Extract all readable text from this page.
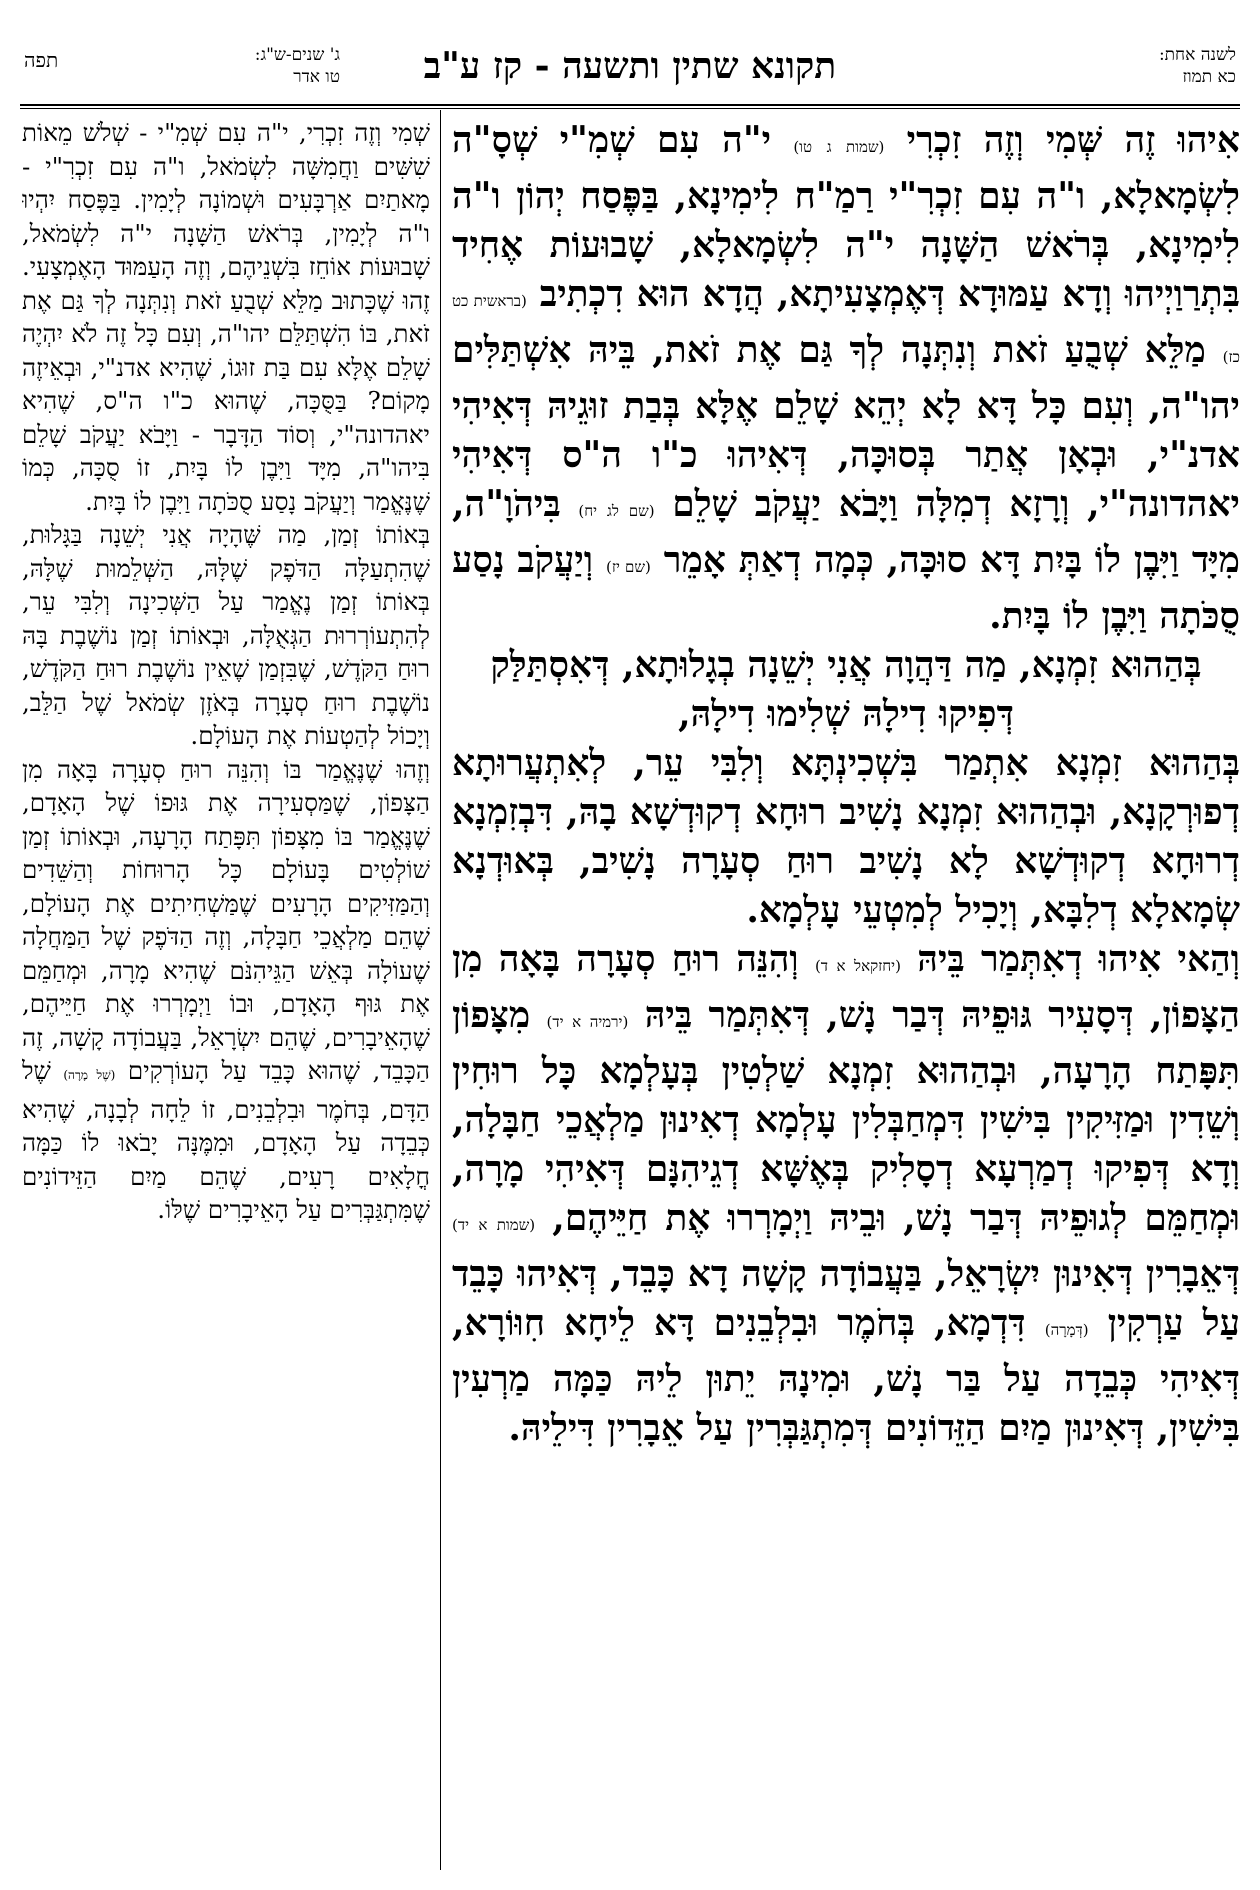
לשנה אחת:
כא תמוז
תקונא שתין ותשעה - קז ע"ב
ג' שנים-ש"ג:
טו אדר
תפה

אִיהוּ זֶה שְּׁמִי וְזֶה זִכְרִי (שמות ג טו) י"ה עִם שְׁמִ"י שְׁסָ"ה לִשְׂמָאלָא, ו"ה עִם זִכְרִ"י רַמַ"ח לִימִינָא, בַּפֶּסַח יְהוֹן ו"ה לִימִינָא, בְּרֹאשׁ הַשָּׁנָה י"ה לִשְׂמָאלָא, שָׁבוּעוֹת אֶחִיד בִּתְרַוַיְיהוּ וְדָא עַמּוּדָא דְּאֶמְצָעִיתָא, הֲדָא הוּא דִכְתִיב (בראשית כט כז) מַלֵּא שְׁבֻעַ זֹאת וְנִתְּנָה לְךָ גַּם אֶת זֹאת, בֵּיהּ אִשְׁתַּלִּים יהו"ה, וְעִם כָּל דָּא לָא יְהֵא שָׁלֵם אֶלָּא בְּבַת זוּגֵיהּ דְּאִיהִי אדנ"י, וּבְאָן אֲתַר בְּסוּכָּה, דְּאִיהוּ כ"ו ה"ס דְּאִיהִי יאהדונה"י, וְרָזָא דְמִלָּה וַיָּבֹא יַעֲקֹב שָׁלֵם (שם לג יח) בִּיהֹוָ"ה, מִיָּד וַיִּבֶן לוֹ בָּיִת דָּא סוּכָּה, כְּמָה דְאַתְּ אָמֵר (שם יז) וְיַעֲקֹב נָסַע סֻכֹּתָה וַיִּבֶן לוֹ בָּיִת.

בְּהַהוּא זִמְנָא, מַה דַּהֲוָה אֲנִי יְשֵׁנָה בְגָלוּתָא, דְּאִסְתַּלַּק דְּפִיקוּ דִילָהּ שְׁלִימוּ דִילָהּ,

בְּהַהוּא זִמְנָא אִתְמַר בִּשְׁכִינְתָּא וְלִבִּי עֵר, לְאִתְעֲרוּתָא דְפוּרְקָנָא, וּבְהַהוּא זִמְנָא נָשִׁיב רוּחָא דְקוּדְשָׁא בָהּ, דִּבְזִמְנָא דְרוּחָא דְקוּדְשָׁא לָא נָשִׁיב רוּחַ סְעָרָה נָשִׁיב, בְּאוּדְנָא שְׂמָאלָא דְלִבָּא, וְיָכִיל לְמִטְעֵי עָלְמָא.

וְהַאי אִיהוּ דְאִתְּמַר בֵּיהּ (יחזקאל א ד) וְהִנֵּה רוּחַ סְעָרָה בָּאָה מִן הַצָּפוֹן, דְּסָעִיר גּוּפֵיהּ דְּבַר נָשׁ, דְּאִתְּמַר בֵּיהּ (ירמיה א יד) מִצָּפוֹן תִּפָּתַח הָרָעָה, וּבְהַהוּא זִמְנָא שַׁלְטִין בְּעָלְמָא כָּל רוּחִין וְשֵׁדִין וּמַזִּיקִין בִּישִׁין דִּמְחַבְּלִין עָלְמָא דְאִינוּן מַלְאֲכֵי חַבָּלָה, וְדָא דְּפִיקוּ דְמַרְעָא דְסָלִיק בְּאֶשָּׁא דְגֵיהִנָּם דְּאִיהִי מָרָה, וּמְחַמֵּם לְגוּפֵיהּ דְּבַר נָשׁ, וּבֵיהּ וַיְמָרְרוּ אֶת חַיֵּיהֶם, (שמות א יד) דְּאֵבָרִין דְּאִינוּן יִשְׂרָאֵל, בַּעֲבוֹדָה קָשָׁה דָא כָּבֵד, דְּאִיהוּ כָּבֵד עַל עַרְקִין (דְּמָרָה) דִּדְמָא, בְּחֹמֶר וּבִלְבֵנִים דָּא לֵיחָא חִוּוֹרָא, דְּאִיהִי כְּבֵדָה עַל בַּר נָשׁ, וּמִינָהּ יֵתוּן לֵיהּ כַּמָּה מַרְעִין בִּישִׁין, דְּאִינוּן מַיִם הַזֵּדוֹנִים דְּמִתְגַּבְּרִין עַל אֵבָרִין דִּילֵיהּ.

שְׁמִי וְזֶה זִכְרִי, י"ה עִם שְׁמִ"י - שְׁלֹשׁ מֵאוֹת שִׁשִּׁים וַחֲמִשָּׁה לִשְׂמֹאל, ו"ה עִם זִכְרִ"י - מָאתַיִם אַרְבָּעִים וּשְׁמוֹנָה לְיָמִין. בַּפֶּסַח יִהְיוּ ו"ה לְיָמִין, בְּרֹאשׁ הַשָּׁנָה י"ה לִשְׂמֹאל, שָׁבוּעוֹת אוֹחֵז בִּשְׁנֵיהֶם, וְזֶה הָעַמּוּד הָאֶמְצָעִי. זֶהוּ שֶׁכָּתוּב מַלֵּא שְׁבֻעַ זֹאת וְנִתְּנָה לְךָ גַּם אֶת זֹאת, בּוֹ הִשְׁתַּלֵּם יהו"ה, וְעִם כָּל זֶה לֹא יִהְיֶה שָׁלֵם אֶלָּא עִם בַּת זוּגוֹ, שֶׁהִיא אדנ"י, וּבְאֵיזֶה מָקוֹם? בַּסֻּכָּה, שֶׁהוּא כ"ו ה"ס, שֶׁהִיא יאהדונה"י, וְסוֹד הַדָּבָר - וַיָּבֹא יַעֲקֹב שָׁלֵם בִּיהו"ה, מִיָּד וַיִּבֶן לוֹ בָּיִת, זוֹ סֻכָּה, כְּמוֹ שֶׁנֶּאֱמַר וְיַעֲקֹב נָסַע סֻכֹּתָה וַיִּבֶן לוֹ בָּיִת.

בְּאוֹתוֹ זְמַן, מַה שֶּׁהָיָה אֲנִי יְשֵׁנָה בַּגָּלוּת, שֶׁהִתְעַלָּה הַדֹּפֶק שֶׁלָּהּ, הַשְּׁלֵמוּת שֶׁלָּהּ, בְּאוֹתוֹ זְמַן נֶאֱמַר עַל הַשְּׁכִינָה וְלִבִּי עֵר, לְהִתְעוֹרְרוּת הַגְּאֻלָּה, וּבְאוֹתוֹ זְמַן נוֹשֶׁבֶת בָּהּ רוּחַ הַקֹּדֶשׁ, שֶׁבִּזְמַן שֶׁאֵין נוֹשֶׁבֶת רוּחַ הַקֹּדֶשׁ, נוֹשֶׁבֶת רוּחַ סְעָרָה בְּאֹזֶן שְׂמֹאל שֶׁל הַלֵּב, וְיָכוֹל לְהַטְעוֹת אֶת הָעוֹלָם.

וְזֶהוּ שֶׁנֶּאֱמַר בּוֹ וְהִנֵּה רוּחַ סְעָרָה בָּאָה מִן הַצָּפוֹן, שֶׁמַּסְעִירָה אֶת גּוּפוֹ שֶׁל הָאָדָם, שֶׁנֶּאֱמַר בּוֹ מִצָּפוֹן תִּפָּתַח הָרָעָה, וּבְאוֹתוֹ זְמַן שׁוֹלְטִים בָּעוֹלָם כָּל הָרוּחוֹת וְהַשֵּׁדִים וְהַמַּזִּיקִים הָרָעִים שֶׁמַּשְׁחִיתִים אֶת הָעוֹלָם, שֶׁהֵם מַלְאֲכֵי חַבָּלָה, וְזֶה הַדֹּפֶק שֶׁל הַמַּחֲלָה שֶׁעוֹלָה בְּאֵשׁ הַגֵּיהִנֹּם שֶׁהִיא מָרָה, וּמְחַמֵּם אֶת גּוּף הָאָדָם, וּבוֹ וַיְמָרְרוּ אֶת חַיֵּיהֶם, שֶׁהָאֵיבָרִים, שֶׁהֵם יִשְׂרָאֵל, בַּעֲבוֹדָה קָשָׁה, זֶה הַכָּבֵד, שֶׁהוּא כָּבֵד עַל הָעוֹרְקִים (שֶׁל מָרָה) שֶׁל הַדָּם, בְּחֹמֶר וּבִלְבֵנִים, זוֹ לֵחָה לְבָנָה, שֶׁהִיא כְּבֵדָה עַל הָאָדָם, וּמִמֶּנָּה יָבֹאוּ לוֹ כַּמָּה חֳלָאִים רָעִים, שֶׁהֵם מַיִם הַזֵּידוֹנִים שֶׁמִּתְגַּבְּרִים עַל הָאֵיבָרִים שֶׁלּוֹ.
